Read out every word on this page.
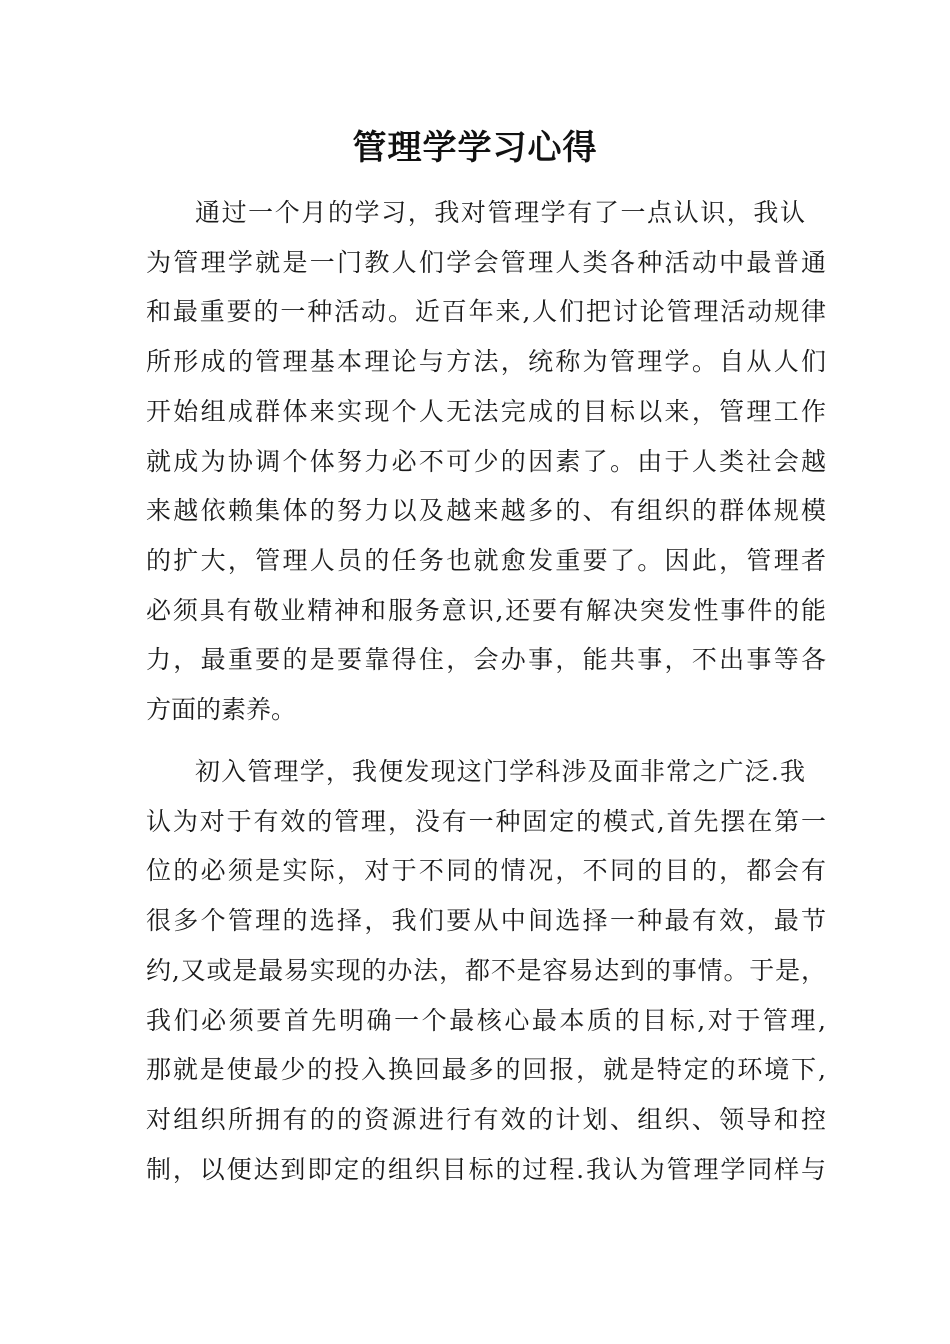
管理学学习心得
通过一个月的学习，我对管理学有了一点认识，我认
为管理学就是一门教人们学会管理人类各种活动中最普通
和最重要的一种活动。近百年来,人们把讨论管理活动规律
所形成的管理基本理论与方法，统称为管理学。自从人们
开始组成群体来实现个人无法完成的目标以来，管理工作
就成为协调个体努力必不可少的因素了。由于人类社会越
来越依赖集体的努力以及越来越多的、有组织的群体规模
的扩大，管理人员的任务也就愈发重要了。因此，管理者
必须具有敬业精神和服务意识,还要有解决突发性事件的能
力，最重要的是要靠得住，会办事，能共事，不出事等各
方面的素养。
初入管理学，我便发现这门学科涉及面非常之广泛.我
认为对于有效的管理，没有一种固定的模式,首先摆在第一
位的必须是实际，对于不同的情况，不同的目的，都会有
很多个管理的选择，我们要从中间选择一种最有效，最节
约,又或是最易实现的办法，都不是容易达到的事情。于是，
我们必须要首先明确一个最核心最本质的目标,对于管理,
那就是使最少的投入换回最多的回报，就是特定的环境下,
对组织所拥有的的资源进行有效的计划、组织、领导和控
制，以便达到即定的组织目标的过程.我认为管理学同样与
